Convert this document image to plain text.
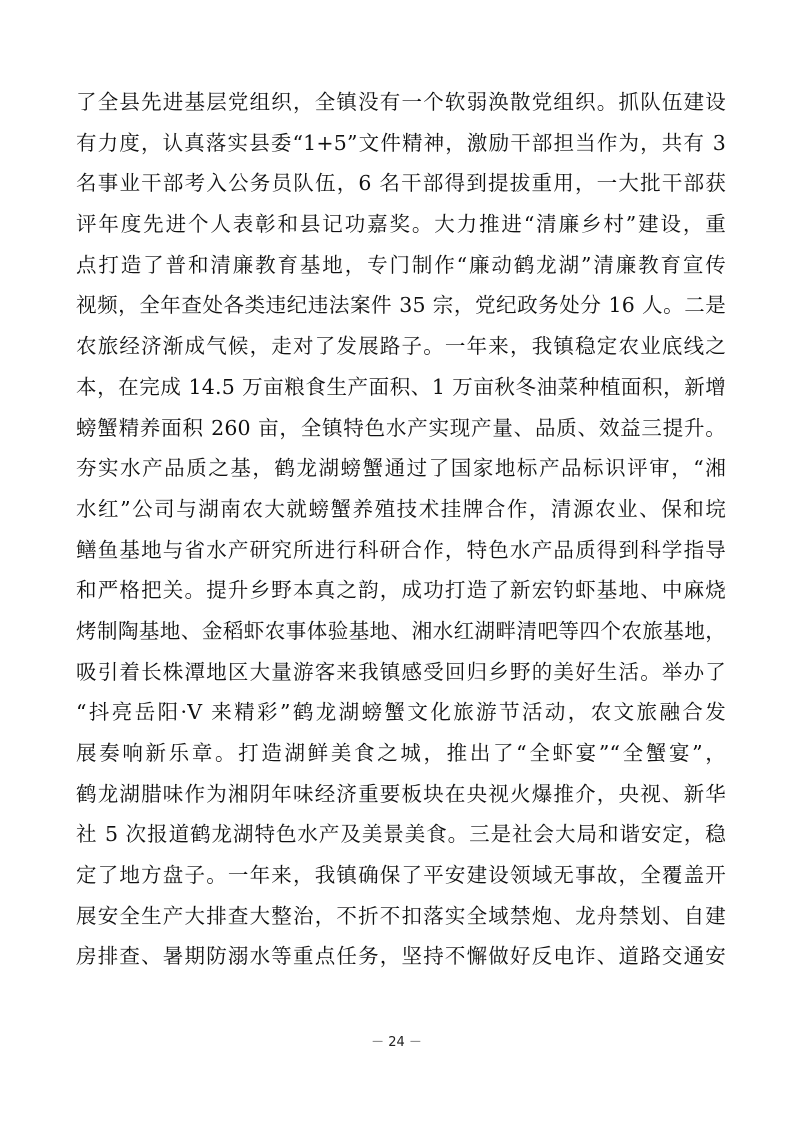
了全县先进基层党组织，全镇没有一个软弱涣散党组织。抓队伍建设
有力度，认真落实县委“1+5”文件精神，激励干部担当作为，共有 3
名事业干部考入公务员队伍，6 名干部得到提拔重用，一大批干部获
评年度先进个人表彰和县记功嘉奖。大力推进“清廉乡村”建设，重
点打造了普和清廉教育基地，专门制作“廉动鹤龙湖”清廉教育宣传
视频，全年查处各类违纪违法案件 35 宗，党纪政务处分 16 人。二是
农旅经济渐成气候，走对了发展路子。一年来，我镇稳定农业底线之
本，在完成 14.5 万亩粮食生产面积、1 万亩秋冬油菜种植面积，新增
螃蟹精养面积 260 亩，全镇特色水产实现产量、品质、效益三提升。
夯实水产品质之基，鹤龙湖螃蟹通过了国家地标产品标识评审，“湘
水红”公司与湖南农大就螃蟹养殖技术挂牌合作，清源农业、保和垸
鳝鱼基地与省水产研究所进行科研合作，特色水产品质得到科学指导
和严格把关。提升乡野本真之韵，成功打造了新宏钓虾基地、中麻烧
烤制陶基地、金稻虾农事体验基地、湘水红湖畔清吧等四个农旅基地，
吸引着长株潭地区大量游客来我镇感受回归乡野的美好生活。举办了
“抖亮岳阳·V 来精彩”鹤龙湖螃蟹文化旅游节活动，农文旅融合发
展奏响新乐章。打造湖鲜美食之城，推出了“全虾宴”“全蟹宴”，
鹤龙湖腊味作为湘阴年味经济重要板块在央视火爆推介，央视、新华
社 5 次报道鹤龙湖特色水产及美景美食。三是社会大局和谐安定，稳
定了地方盘子。一年来，我镇确保了平安建设领域无事故，全覆盖开
展安全生产大排查大整治，不折不扣落实全域禁炮、龙舟禁划、自建
房排查、暑期防溺水等重点任务，坚持不懈做好反电诈、道路交通安
－ 24 －
